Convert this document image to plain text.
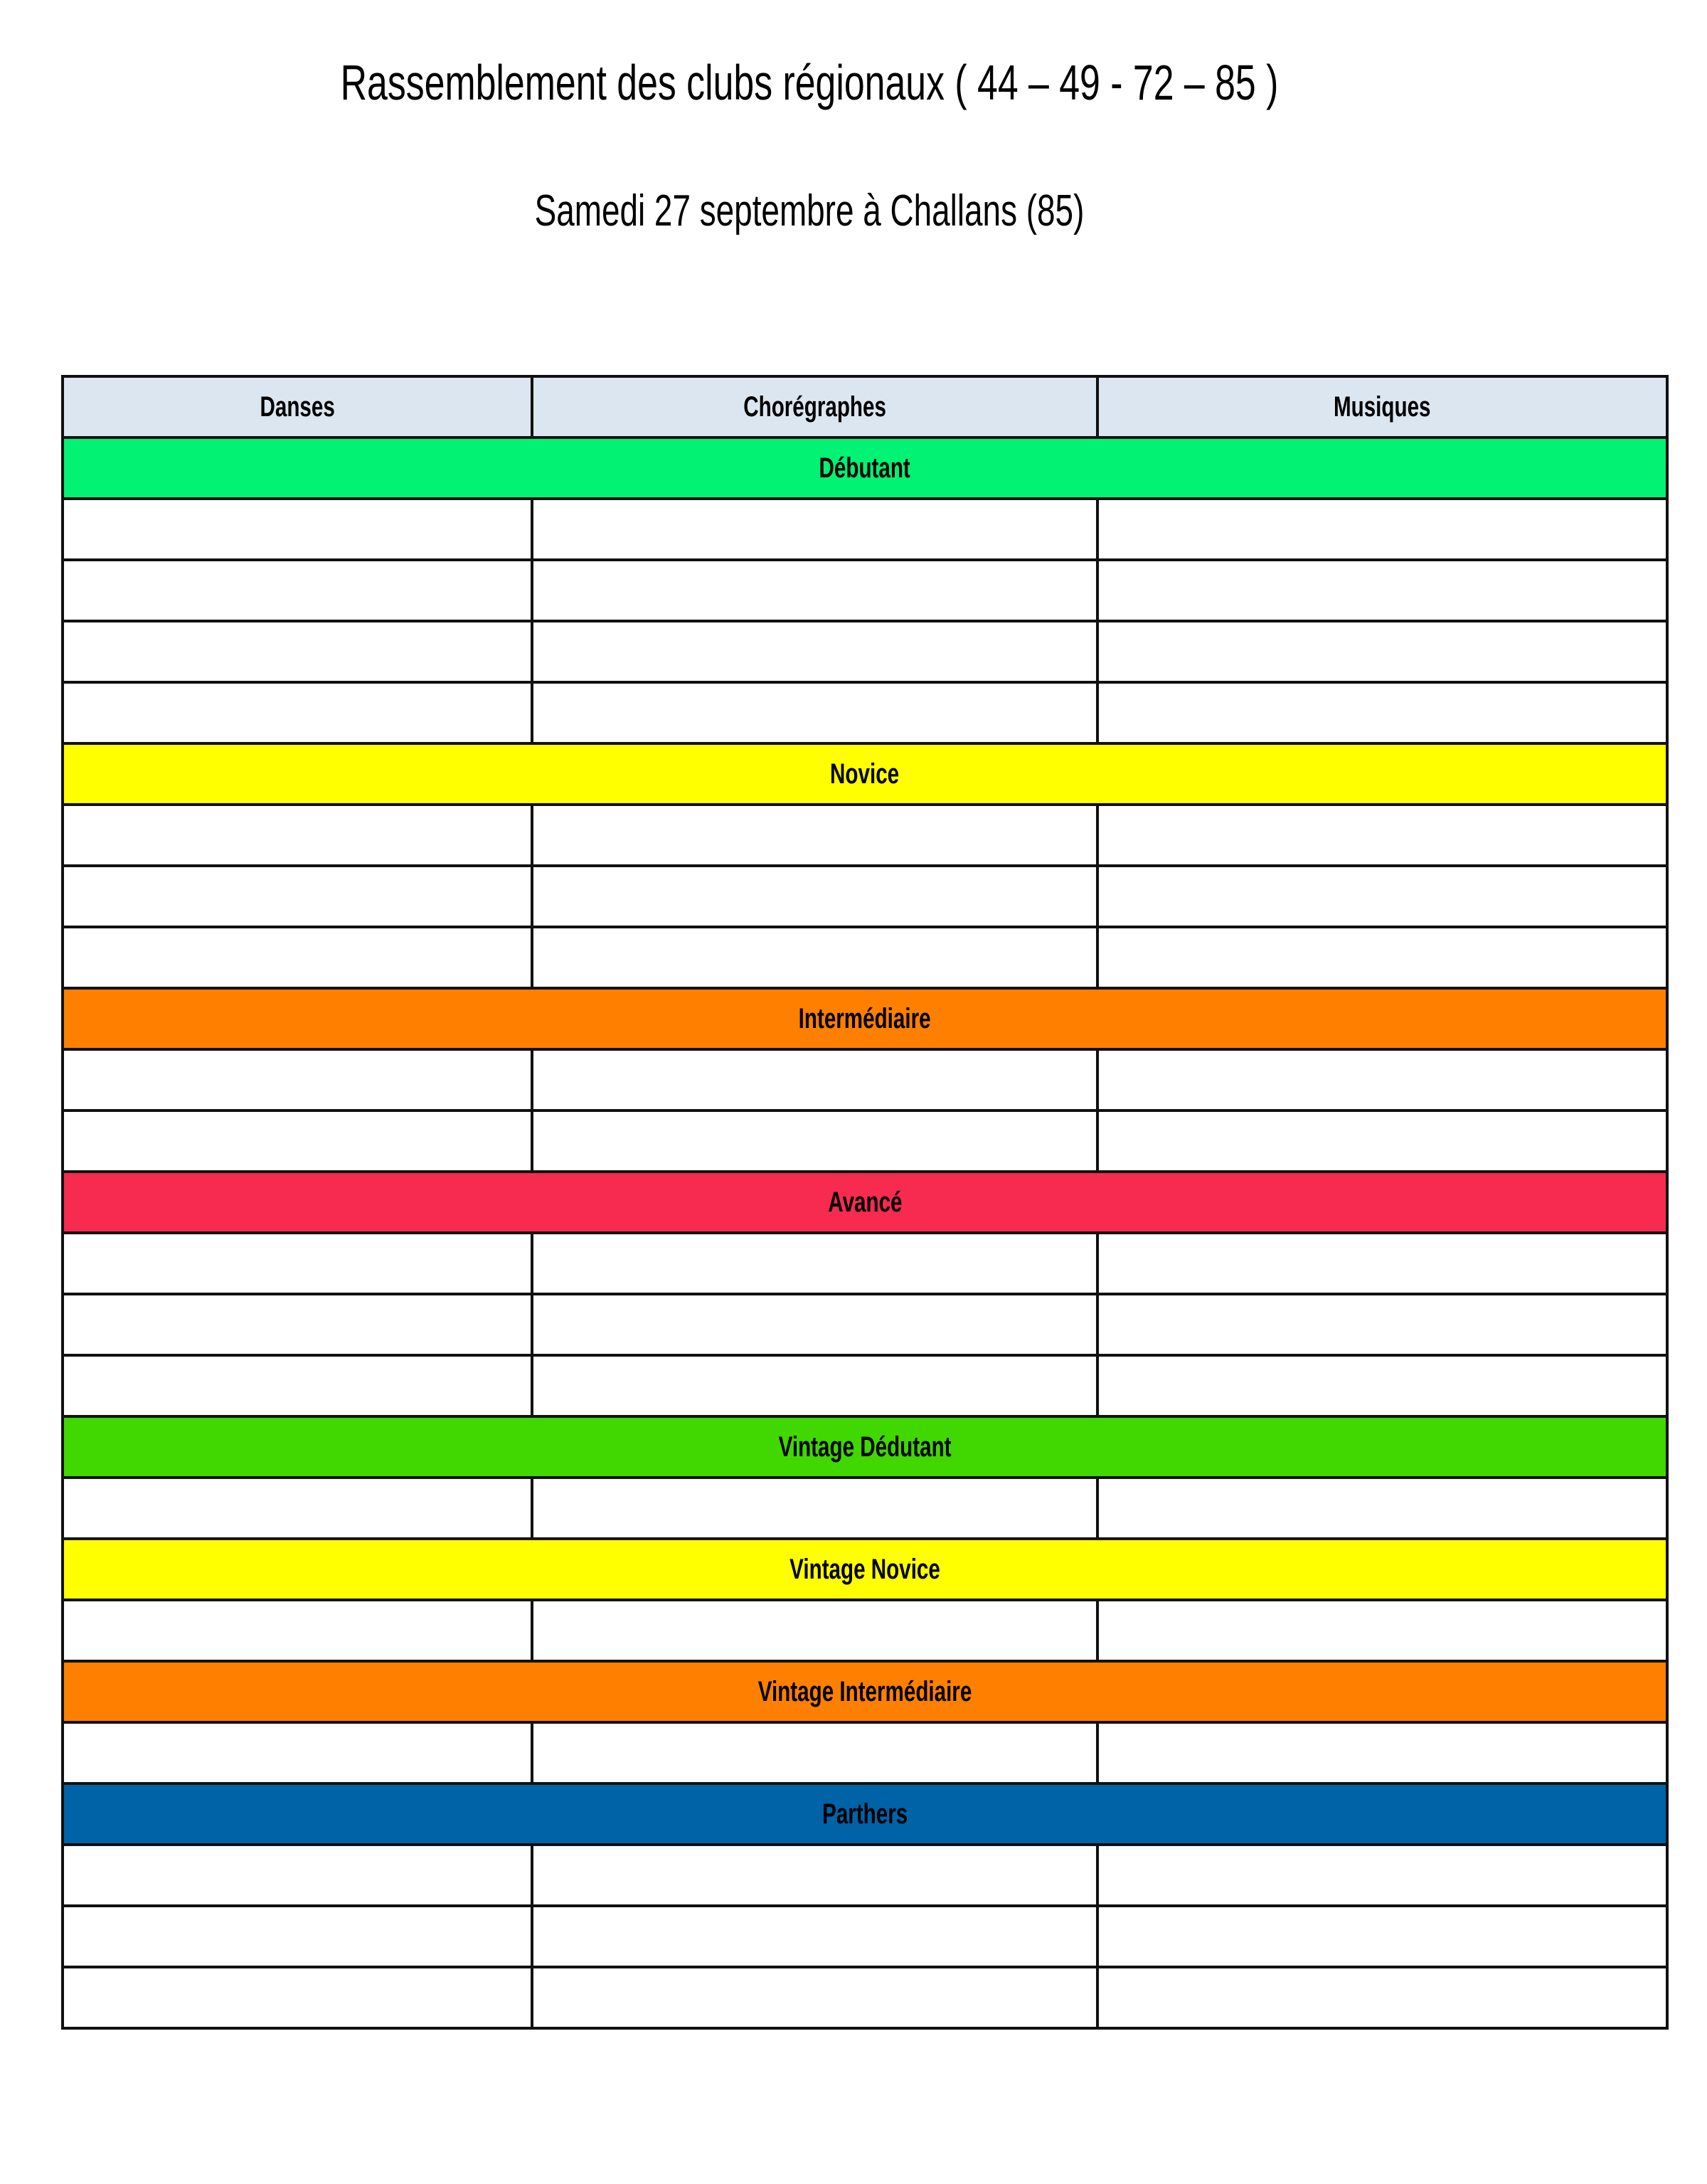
Rassemblement des clubs régionaux ( 44 – 49 - 72 – 85 )
Samedi 27 septembre à Challans (85)
Danses	Chorégraphes	Musiques
Débutant		

Novice		

Intermédiaire		

Avancé		

Vintage Dédutant		

Vintage Novice		

Vintage Intermédiaire		

Parthers		
